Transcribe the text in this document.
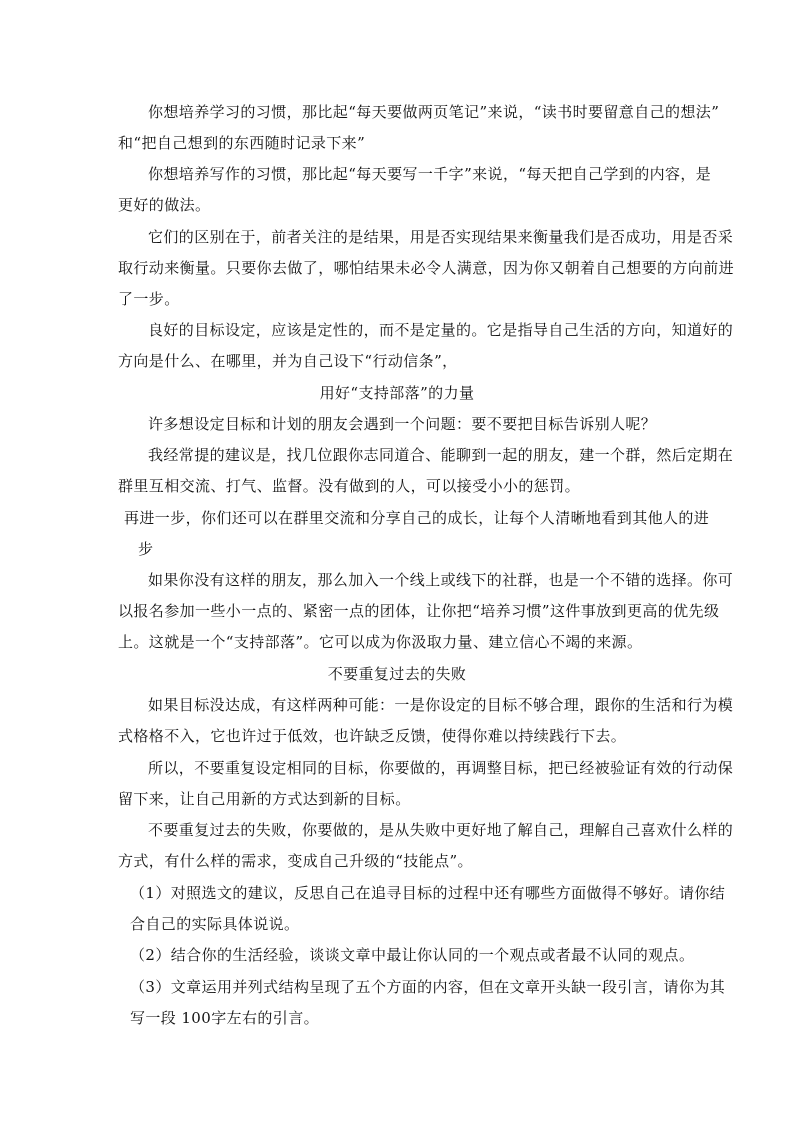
你想培养学习的习惯，那比起“每天要做两页笔记”来说，“读书时要留意自己的想法”
和“把自己想到的东西随时记录下来”
你想培养写作的习惯，那比起“每天要写一千字”来说，“每天把自己学到的内容，是
更好的做法。
它们的区别在于，前者关注的是结果，用是否实现结果来衡量我们是否成功，用是否采
取行动来衡量。只要你去做了，哪怕结果未必令人满意，因为你又朝着自己想要的方向前进
了一步。
良好的目标设定，应该是定性的，而不是定量的。它是指导自己生活的方向，知道好的
方向是什么、在哪里，并为自己设下“行动信条”，
用好“支持部落”的力量
许多想设定目标和计划的朋友会遇到一个问题：要不要把目标告诉别人呢？
我经常提的建议是，找几位跟你志同道合、能聊到一起的朋友，建一个群，然后定期在
群里互相交流、打气、监督。没有做到的人，可以接受小小的惩罚。
再进一步，你们还可以在群里交流和分享自己的成长，让每个人清晰地看到其他人的进
步
如果你没有这样的朋友，那么加入一个线上或线下的社群，也是一个不错的选择。你可
以报名参加一些小一点的、紧密一点的团体，让你把“培养习惯”这件事放到更高的优先级
上。这就是一个“支持部落”。它可以成为你汲取力量、建立信心不竭的来源。
不要重复过去的失败
如果目标没达成，有这样两种可能：一是你设定的目标不够合理，跟你的生活和行为模
式格格不入，它也许过于低效，也许缺乏反馈，使得你难以持续践行下去。
所以，不要重复设定相同的目标，你要做的，再调整目标，把已经被验证有效的行动保
留下来，让自己用新的方式达到新的目标。
不要重复过去的失败，你要做的，是从失败中更好地了解自己，理解自己喜欢什么样的
方式，有什么样的需求，变成自己升级的“技能点”。
（1）对照选文的建议，反思自己在追寻目标的过程中还有哪些方面做得不够好。请你结
合自己的实际具体说说。
（2）结合你的生活经验，谈谈文章中最让你认同的一个观点或者最不认同的观点。
（3）文章运用并列式结构呈现了五个方面的内容，但在文章开头缺一段引言，请你为其
写一段 100字左右的引言。
